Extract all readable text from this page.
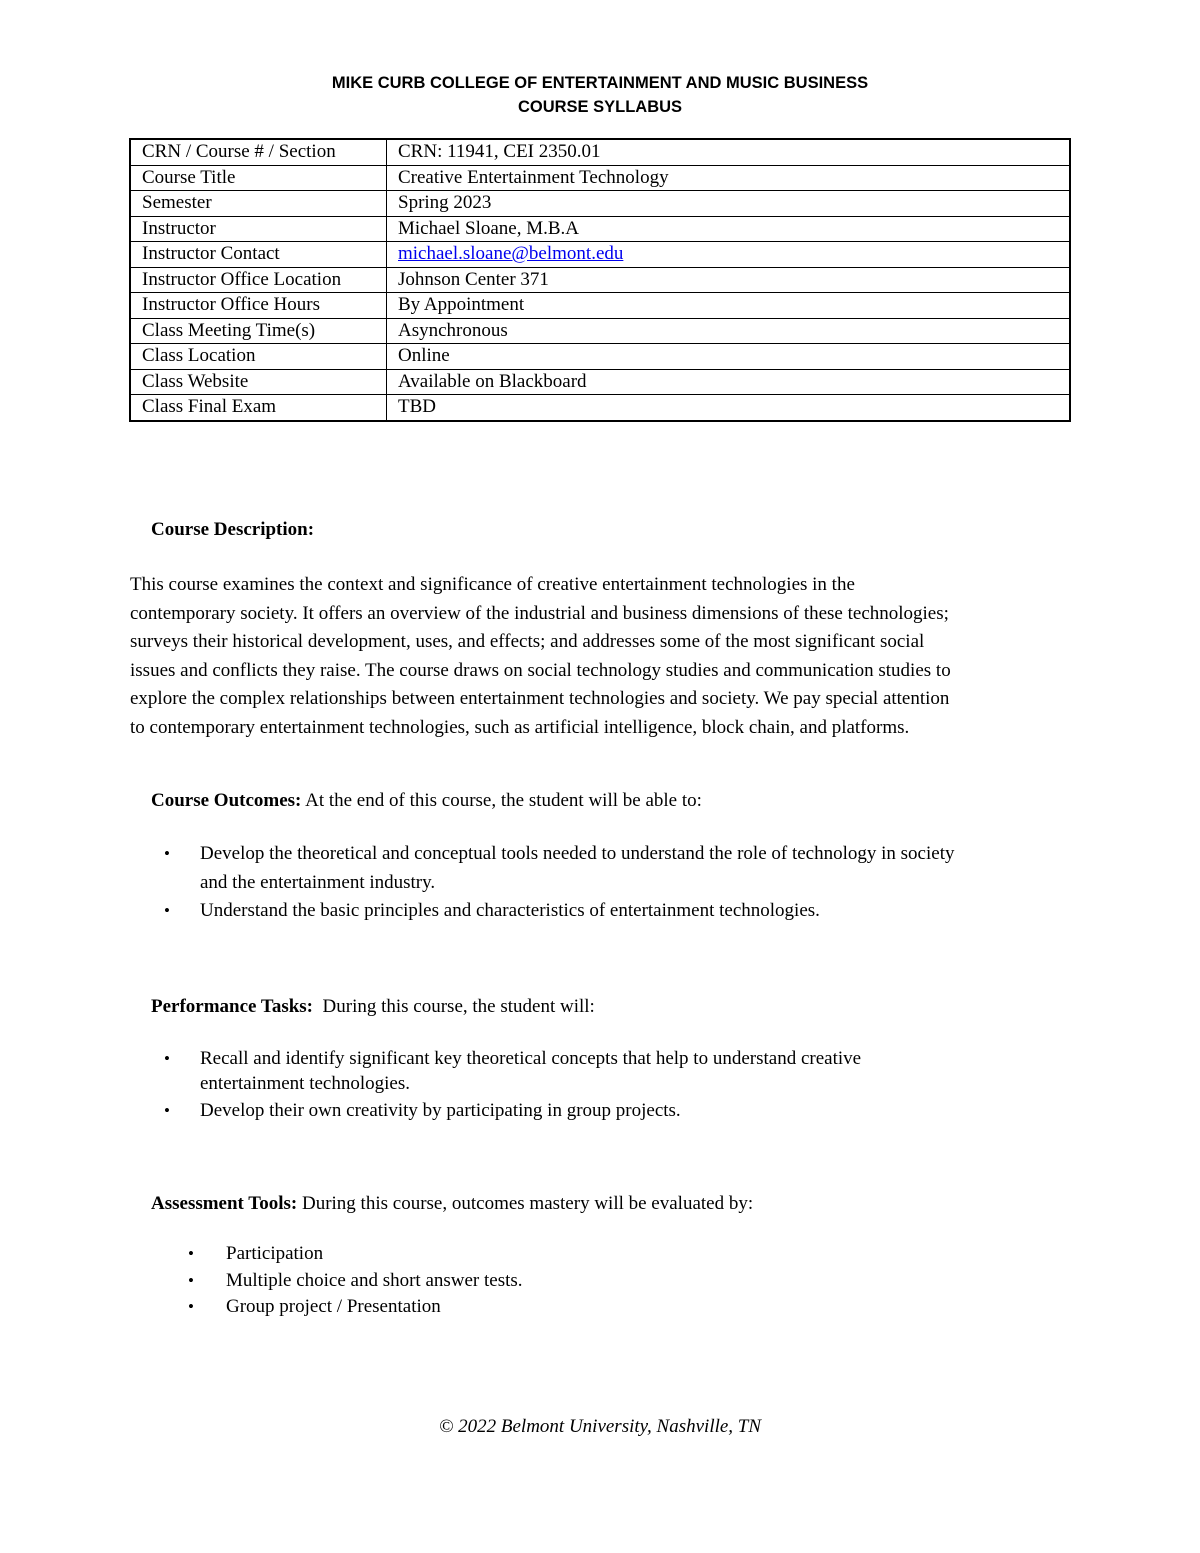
MIKE CURB COLLEGE OF ENTERTAINMENT AND MUSIC BUSINESS
COURSE SYLLABUS
CRN / Course # / Section	CRN: 11941, CEI 2350.01
Course Title	Creative Entertainment Technology
Semester	Spring 2023
Instructor	Michael Sloane, M.B.A
Instructor Contact	michael.sloane@belmont.edu
Instructor Office Location	Johnson Center 371
Instructor Office Hours	By Appointment
Class Meeting Time(s)	Asynchronous
Class Location	Online
Class Website	Available on Blackboard
Class Final Exam	TBD
Course Description:
This course examines the context and significance of creative entertainment technologies in the
contemporary society. It offers an overview of the industrial and business dimensions of these technologies;
surveys their historical development, uses, and effects; and addresses some of the most significant social
issues and conflicts they raise. The course draws on social technology studies and communication studies to
explore the complex relationships between entertainment technologies and society. We pay special attention
to contemporary entertainment technologies, such as artificial intelligence, block chain, and platforms.
Course Outcomes: At the end of this course, the student will be able to:
• Develop the theoretical and conceptual tools needed to understand the role of technology in society
and the entertainment industry.
• Understand the basic principles and characteristics of entertainment technologies.
Performance Tasks:  During this course, the student will:
• Recall and identify significant key theoretical concepts that help to understand creative
entertainment technologies.
• Develop their own creativity by participating in group projects.
Assessment Tools: During this course, outcomes mastery will be evaluated by:
• Participation
• Multiple choice and short answer tests.
• Group project / Presentation
© 2022 Belmont University, Nashville, TN
